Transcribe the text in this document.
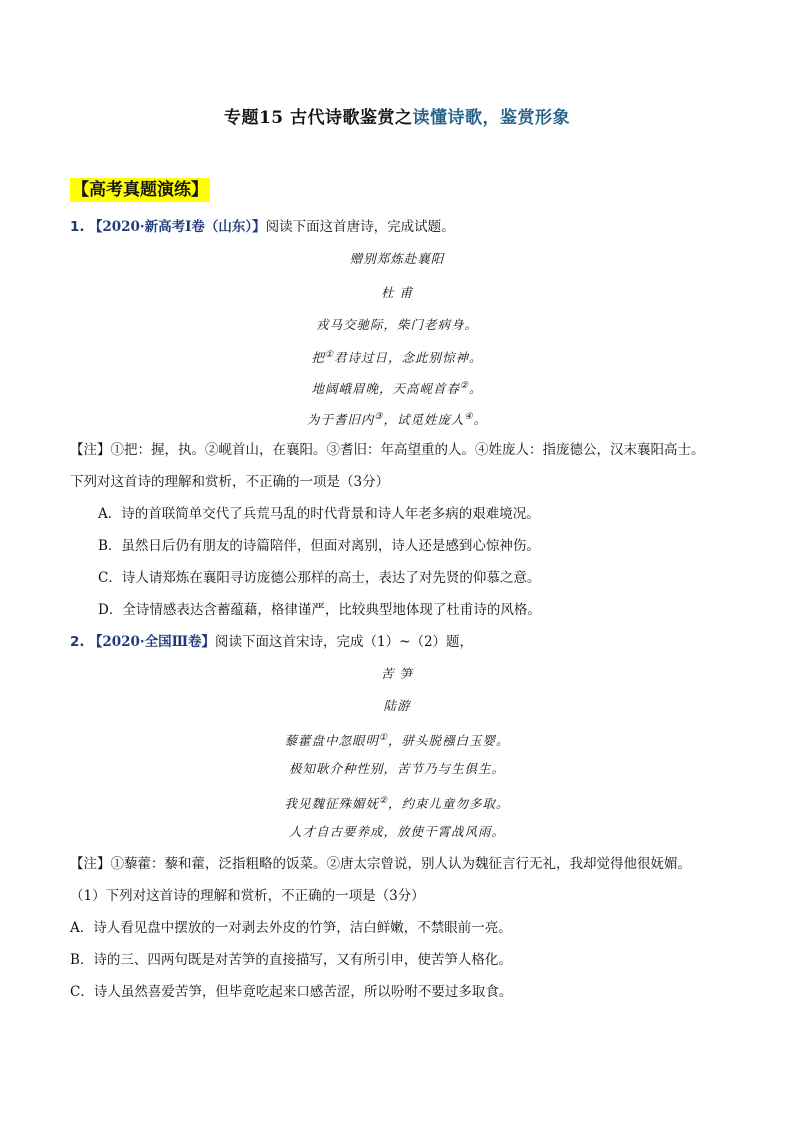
专题15 古代诗歌鉴赏之读懂诗歌，鉴赏形象
【高考真题演练】
1. 【2020·新高考Ⅰ卷（山东）】阅读下面这首唐诗，完成试题。
赠别郑炼赴襄阳
杜 甫
戎马交驰际，柴门老病身。
把①君诗过日，念此别惊神。
地阔峨眉晚，天高岘首春②。
为于耆旧内③，试觅姓庞人④。
【注】①把：握，执。②岘首山，在襄阳。③耆旧：年高望重的人。④姓庞人：指庞德公，汉末襄阳高士。
下列对这首诗的理解和赏析，不正确的一项是（3分）
A．诗的首联简单交代了兵荒马乱的时代背景和诗人年老多病的艰难境况。
B．虽然日后仍有朋友的诗篇陪伴，但面对离别，诗人还是感到心惊神伤。
C．诗人请郑炼在襄阳寻访庞德公那样的高士，表达了对先贤的仰慕之意。
D．全诗情感表达含蓄蕴藉，格律谨严，比较典型地体现了杜甫诗的风格。
2. 【2020·全国Ⅲ卷】阅读下面这首宋诗，完成（1）~（2）题，
苦 笋
陆游
藜藿盘中忽眼明①，骈头脱襁白玉婴。
极知耿介种性别，苦节乃与生俱生。
我见魏征殊媚妩②，约束儿童勿多取。
人才自古要养成，放使干霄战风雨。
【注】①藜藿：藜和藿，泛指粗略的饭菜。②唐太宗曾说，别人认为魏征言行无礼，我却觉得他很妩媚。
（1）下列对这首诗的理解和赏析，不正确的一项是（3分）
A．诗人看见盘中摆放的一对剥去外皮的竹笋，洁白鲜嫩，不禁眼前一亮。
B．诗的三、四两句既是对苦笋的直接描写，又有所引申，使苦笋人格化。
C．诗人虽然喜爱苦笋，但毕竟吃起来口感苦涩，所以吩咐不要过多取食。
